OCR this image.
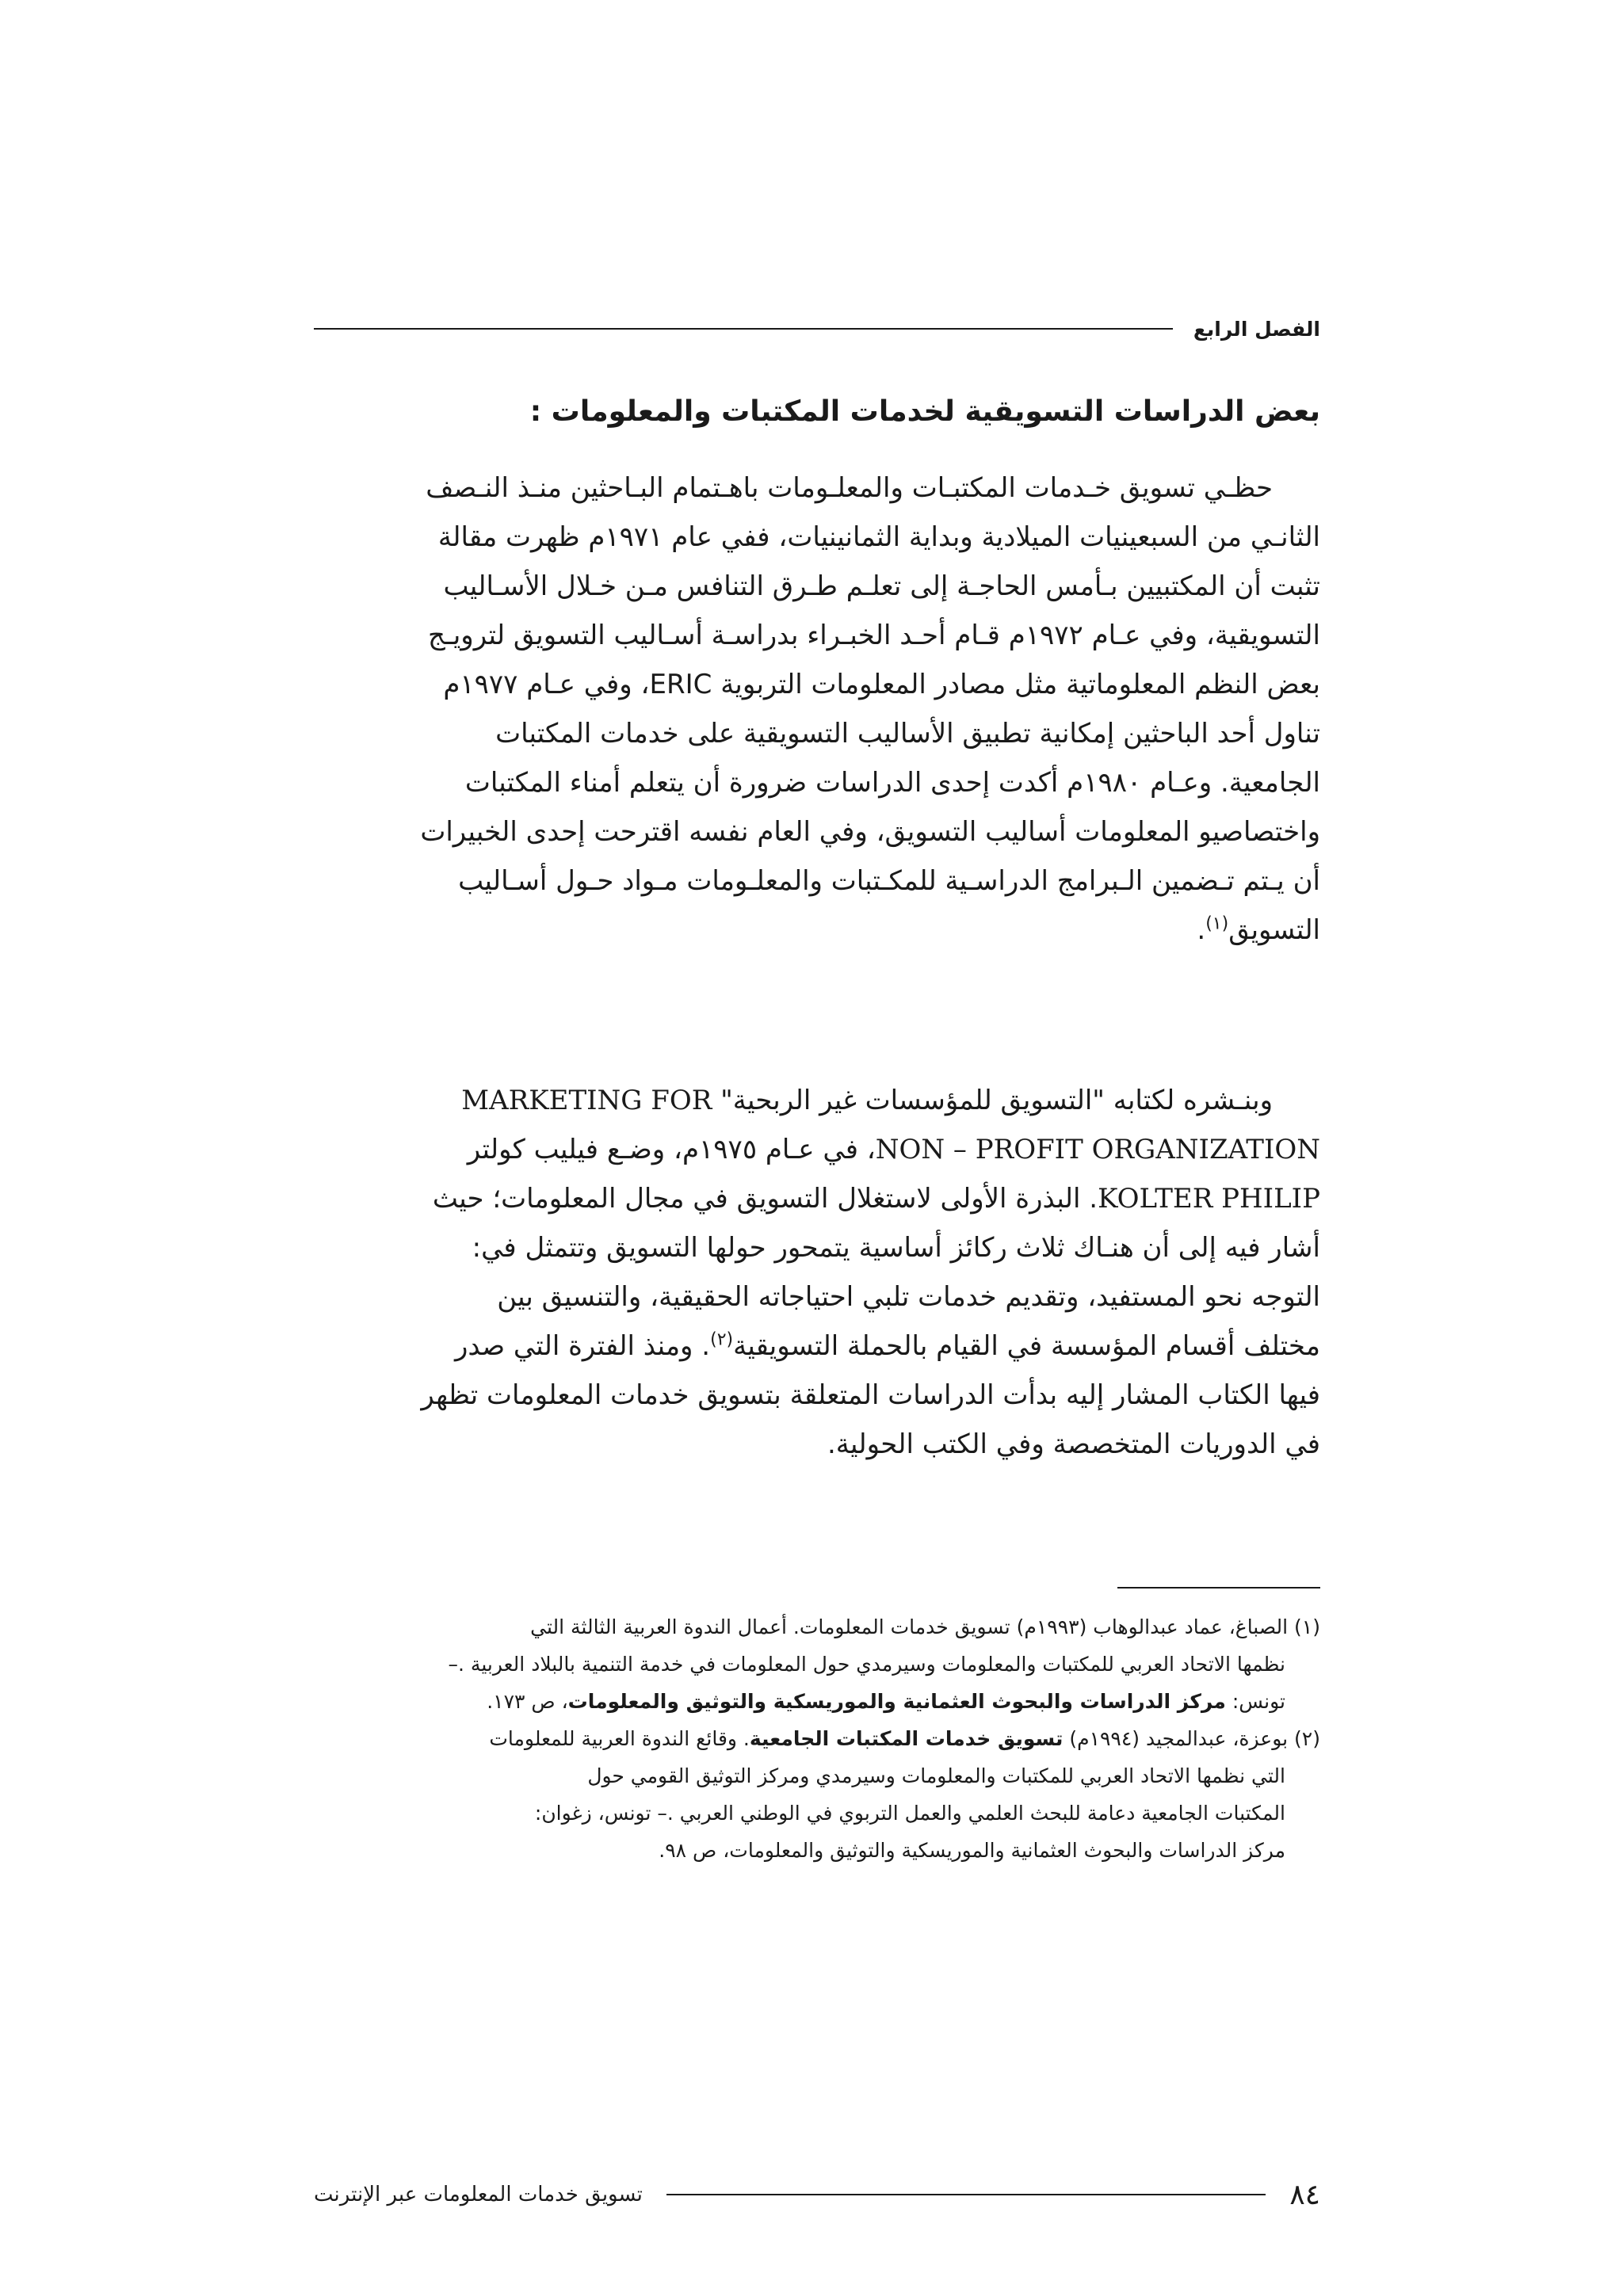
الفصل الرابع
بعض الدراسات التسويقية لخدمات المكتبات والمعلومات :
حظـي تسويق خـدمات المكتبـات والمعلـومات باهـتمام البـاحثين منـذ النـصف
الثانـي من السبعينيات الميلادية وبداية الثمانينيات، ففي عام ١٩٧١م ظهرت مقالة
تثبت أن المكتبيين بـأمس الحاجـة إلى تعلـم طـرق التنافس مـن خـلال الأسـاليب
التسويقية، وفي عـام ١٩٧٢م قـام أحـد الخبـراء بدراسـة أسـاليب التسويق لترويـج
بعض النظم المعلوماتية مثل مصادر المعلومات التربوية ERIC، وفي عـام ١٩٧٧م
تناول أحد الباحثين إمكانية تطبيق الأساليب التسويقية على خدمات المكتبات
الجامعية. وعـام ١٩٨٠م أكدت إحدى الدراسات ضرورة أن يتعلم أمناء المكتبات
واختصاصيو المعلومات أساليب التسويق، وفي العام نفسه اقترحت إحدى الخبيرات
أن يـتم تـضمين الـبرامج الدراسـية للمكـتبات والمعلـومات مـواد حـول أسـاليب
التسويق$^{(١)}$.
وبنـشره لكتابه "التسويق للمؤسسات غير الربحية" MARKETING FOR
NON – PROFIT ORGANIZATION، في عـام ١٩٧٥م، وضـع فيليب كولتر
KOLTER PHILIP. البذرة الأولى لاستغلال التسويق في مجال المعلومات؛ حيث
أشار فيه إلى أن هنـاك ثلاث ركائز أساسية يتمحور حولها التسويق وتتمثل في:
التوجه نحو المستفيد، وتقديم خدمات تلبي احتياجاته الحقيقية، والتنسيق بين
مختلف أقسام المؤسسة في القيام بالحملة التسويقية$^{(٢)}$. ومنذ الفترة التي صدر
فيها الكتاب المشار إليه بدأت الدراسات المتعلقة بتسويق خدمات المعلومات تظهر
في الدوريات المتخصصة وفي الكتب الحولية.
(١) الصباغ، عماد عبدالوهاب (١٩٩٣م) تسويق خدمات المعلومات. أعمال الندوة العربية الثالثة التي
نظمها الاتحاد العربي للمكتبات والمعلومات وسيرمدي حول المعلومات في خدمة التنمية بالبلاد العربية .–
تونس: مركز الدراسات والبحوث العثمانية والموريسكية والتوثيق والمعلومات، ص ١٧٣.
(٢) بوعزة، عبدالمجيد (١٩٩٤م) تسويق خدمات المكتبات الجامعية. وقائع الندوة العربية للمعلومات
التي نظمها الاتحاد العربي للمكتبات والمعلومات وسيرمدي ومركز التوثيق القومي حول
المكتبات الجامعية دعامة للبحث العلمي والعمل التربوي في الوطني العربي .– تونس، زغوان:
مركز الدراسات والبحوث العثمانية والموريسكية والتوثيق والمعلومات، ص ٩٨.
٨٤
تسويق خدمات المعلومات عبر الإنترنت
